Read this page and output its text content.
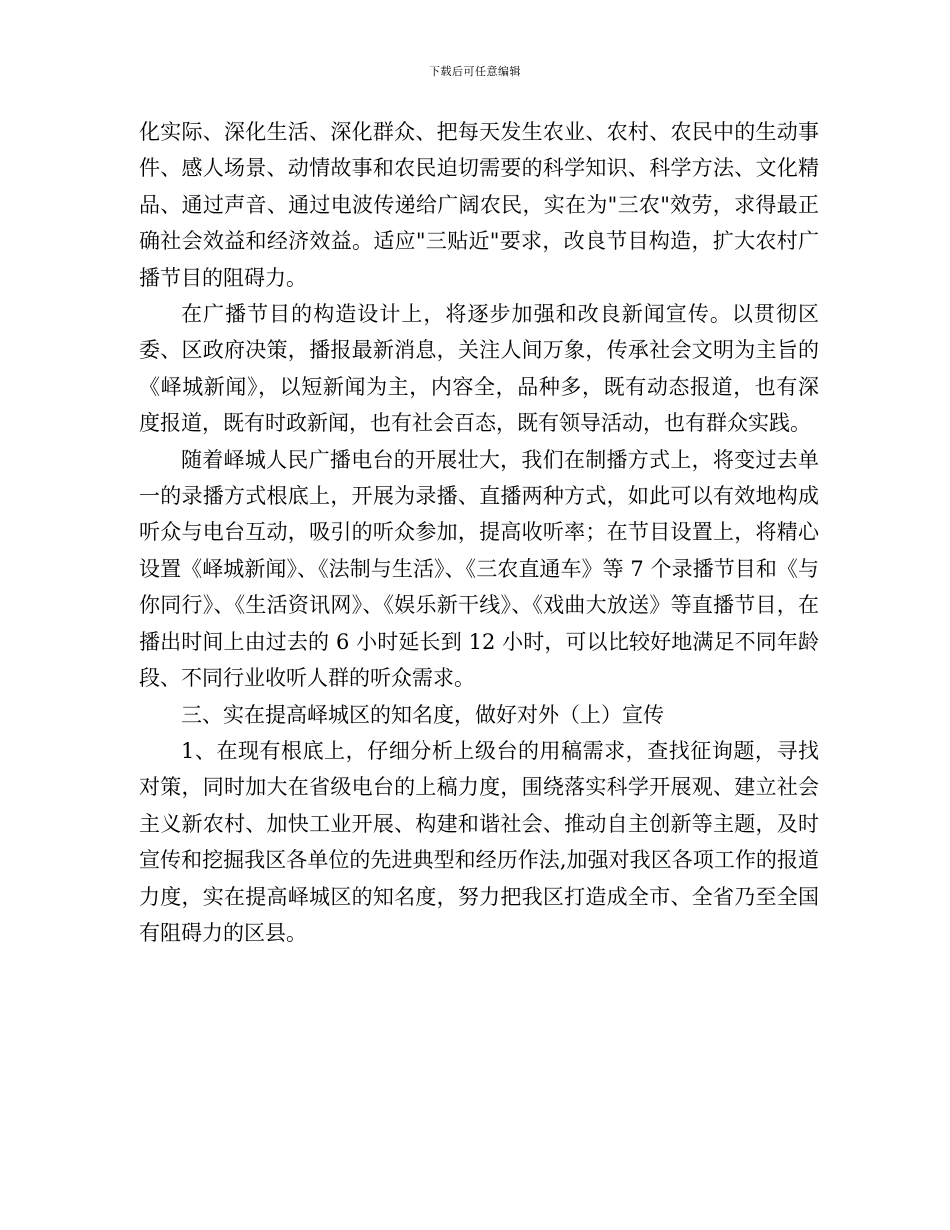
下载后可任意编辑

化实际、深化生活、深化群众、把每天发生农业、农村、农民中的生动事件、感人场景、动情故事和农民迫切需要的科学知识、科学方法、文化精品、通过声音、通过电波传递给广阔农民，实在为"三农"效劳，求得最正确社会效益和经济效益。适应"三贴近"要求，改良节目构造，扩大农村广播节目的阻碍力。

在广播节目的构造设计上，将逐步加强和改良新闻宣传。以贯彻区委、区政府决策，播报最新消息，关注人间万象，传承社会文明为主旨的《峄城新闻》，以短新闻为主，内容全，品种多，既有动态报道，也有深度报道，既有时政新闻，也有社会百态，既有领导活动，也有群众实践。

随着峄城人民广播电台的开展壮大，我们在制播方式上，将变过去单一的录播方式根底上，开展为录播、直播两种方式，如此可以有效地构成听众与电台互动，吸引的听众参加，提高收听率；在节目设置上，将精心设置《峄城新闻》、《法制与生活》、《三农直通车》等 7 个录播节目和《与你同行》、《生活资讯网》、《娱乐新干线》、《戏曲大放送》等直播节目，在播出时间上由过去的 6 小时延长到 12 小时，可以比较好地满足不同年龄段、不同行业收听人群的听众需求。

三、实在提高峄城区的知名度，做好对外（上）宣传

1、在现有根底上，仔细分析上级台的用稿需求，查找征询题，寻找对策，同时加大在省级电台的上稿力度，围绕落实科学开展观、建立社会主义新农村、加快工业开展、构建和谐社会、推动自主创新等主题，及时宣传和挖掘我区各单位的先进典型和经历作法,加强对我区各项工作的报道力度，实在提高峄城区的知名度，努力把我区打造成全市、全省乃至全国有阻碍力的区县。
